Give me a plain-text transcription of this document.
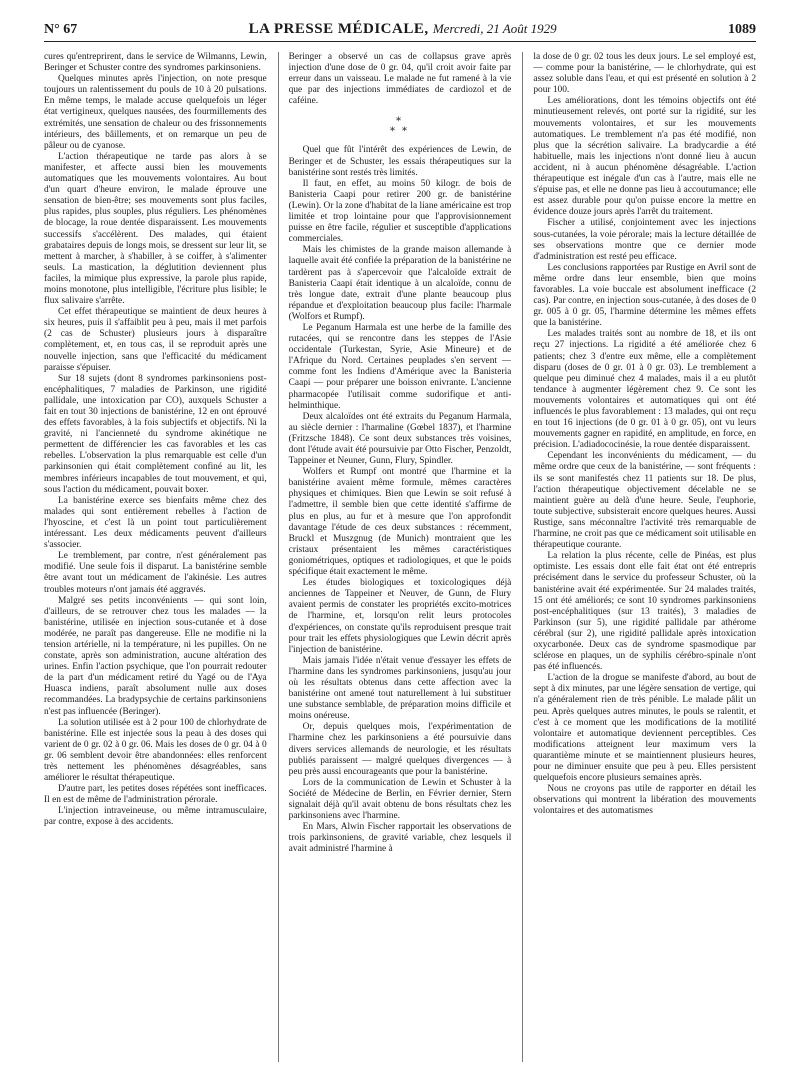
N° 67	LA PRESSE MÉDICALE, Mercredi, 21 Août 1929	1089

cures qu'entreprirent, dans le service de Wilmanns, Lewin, Beringer et Schuster contre des syndromes parkinsoniens.

Quelques minutes après l'injection, on note presque toujours un ralentissement du pouls de 10 à 20 pulsations. En même temps, le malade accuse quelquefois un léger état vertigineux, quelques nausées, des fourmillements des extrémités, une sensation de chaleur ou des frissonnements intérieurs, des bâillements, et on remarque un peu de pâleur ou de cyanose.

L'action thérapeutique ne tarde pas alors à se manifester, et affecte aussi bien les mouvements automatiques que les mouvements volontaires. Au bout d'un quart d'heure environ, le malade éprouve une sensation de bien-être; ses mouvements sont plus faciles, plus rapides, plus souples, plus réguliers. Les phénomènes de blocage, la roue dentée disparaissent. Les mouvements successifs s'accélèrent. Des malades, qui étaient grabataires depuis de longs mois, se dressent sur leur lit, se mettent à marcher, à s'habiller, à se coiffer, à s'alimenter seuls. La mastication, la déglutition deviennent plus faciles, la mimique plus expressive, la parole plus rapide, moins monotone, plus intelligible, l'écriture plus lisible; le flux salivaire s'arrête.

Cet effet thérapeutique se maintient de deux heures à six heures, puis il s'affaiblit peu à peu, mais il met parfois (2 cas de Schuster) plusieurs jours à disparaître complètement, et, en tous cas, il se reproduit après une nouvelle injection, sans que l'efficacité du médicament paraisse s'épuiser.

Sur 18 sujets (dont 8 syndromes parkinsoniens post-encéphalitiques, 7 maladies de Parkinson, une rigidité pallidale, une intoxication par CO), auxquels Schuster a fait en tout 30 injections de banistérine, 12 en ont éprouvé des effets favorables, à la fois subjectifs et objectifs. Ni la gravité, ni l'ancienneté du syndrome akinétique ne permettent de différencier les cas favorables et les cas rebelles. L'observation la plus remarquable est celle d'un parkinsonien qui était complètement confiné au lit, les membres inférieurs incapables de tout mouvement, et qui, sous l'action du médicament, pouvait boxer.

La banistérine exerce ses bienfaits même chez des malades qui sont entièrement rebelles à l'action de l'hyoscine, et c'est là un point tout particulièrement intéressant. Les deux médicaments peuvent d'ailleurs s'associer.

Le tremblement, par contre, n'est généralement pas modifié. Une seule fois il disparut. La banistérine semble être avant tout un médicament de l'akinésie. Les autres troubles moteurs n'ont jamais été aggravés.

Malgré ses petits inconvénients — qui sont loin, d'ailleurs, de se retrouver chez tous les malades — la banistérine, utilisée en injection sous-cutanée et à dose modérée, ne paraît pas dangereuse. Elle ne modifie ni la tension artérielle, ni la température, ni les pupilles. On ne constate, après son administration, aucune altération des urines. Enfin l'action psychique, que l'on pourrait redouter de la part d'un médicament retiré du Yagé ou de l'Aya Huasca indiens, paraît absolument nulle aux doses recommandées. La bradypsychie de certains parkinsoniens n'est pas influencée (Beringer).

La solution utilisée est à 2 pour 100 de chlorhydrate de banistérine. Elle est injectée sous la peau à des doses qui varient de 0 gr. 02 à 0 gr. 06. Mais les doses de 0 gr. 04 à 0 gr. 06 semblent devoir être abandonnées: elles renforcent très nettement les phénomènes désagréables, sans améliorer le résultat thérapeutique.

D'autre part, les petites doses répétées sont inefficaces. Il en est de même de l'administration pérorale.

L'injection intraveineuse, ou même intramusculaire, par contre, expose à des accidents.

Beringer a observé un cas de collapsus grave après injection d'une dose de 0 gr. 04, qu'il croit avoir faite par erreur dans un vaisseau. Le malade ne fut ramené à la vie que par des injections immédiates de cardiozol et de caféine.

*
* *

Quel que fût l'intérêt des expériences de Lewin, de Beringer et de Schuster, les essais thérapeutiques sur la banistérine sont restés très limités.

Il faut, en effet, au moins 50 kilogr. de bois de Banisteria Caapi pour retirer 200 gr. de banistérine (Lewin). Or la zone d'habitat de la liane américaine est trop limitée et trop lointaine pour que l'approvisionnement puisse en être facile, régulier et susceptible d'applications commerciales.

Mais les chimistes de la grande maison allemande à laquelle avait été confiée la préparation de la banistérine ne tardèrent pas à s'apercevoir que l'alcaloïde extrait de Banisteria Caapi était identique à un alcaloïde, connu de très longue date, extrait d'une plante beaucoup plus répandue et d'exploitation beaucoup plus facile: l'harmale (Wolfors et Rumpf).

Le Peganum Harmala est une herbe de la famille des rutacées, qui se rencontre dans les steppes de l'Asie occidentale (Turkestan, Syrie, Asie Mineure) et de l'Afrique du Nord. Certaines peuplades s'en servent — comme font les Indiens d'Amérique avec la Banisteria Caapi — pour préparer une boisson enivrante. L'ancienne pharmacopée l'utilisait comme sudorifique et anti-helminthique.

Deux alcaloïdes ont été extraits du Peganum Harmala, au siècle dernier : l'harmaline (Gœbel 1837), et l'harmine (Fritzsche 1848). Ce sont deux substances très voisines, dont l'étude avait été poursuivie par Otto Fischer, Penzoldt, Tappeiner et Neuner, Gunn, Flury, Spindler.

Wolfers et Rumpf ont montré que l'harmine et la banistérine avaient même formule, mêmes caractères physiques et chimiques. Bien que Lewin se soit refusé à l'admettre, il semble bien que cette identité s'affirme de plus en plus, au fur et à mesure que l'on approfondit davantage l'étude de ces deux substances : récemment, Bruckl et Muszgnug (de Munich) montraient que les cristaux présentaient les mêmes caractéristiques goniométriques, optiques et radiologiques, et que le poids spécifique était exactement le même.

Les études biologiques et toxicologiques déjà anciennes de Tappeiner et Neuver, de Gunn, de Flury avaient permis de constater les propriétés excito-motrices de l'harmine, et, lorsqu'on relit leurs protocoles d'expériences, on constate qu'ils reproduisent presque trait pour trait les effets physiologiques que Lewin décrit après l'injection de banistérine.

Mais jamais l'idée n'était venue d'essayer les effets de l'harmine dans les syndromes parkinsoniens, jusqu'au jour où les résultats obtenus dans cette affection avec la banistérine ont amené tout naturellement à lui substituer une substance semblable, de préparation moins difficile et moins onéreuse.

Or, depuis quelques mois, l'expérimentation de l'harmine chez les parkinsoniens a été poursuivie dans divers services allemands de neurologie, et les résultats publiés paraissent — malgré quelques divergences — à peu près aussi encourageants que pour la banistérine.

Lors de la communication de Lewin et Schuster à la Société de Médecine de Berlin, en Février dernier, Stern signalait déjà qu'il avait obtenu de bons résultats chez les parkinsoniens avec l'harmine.

En Mars, Alwin Fischer rapportait les observations de trois parkinsoniens, de gravité variable, chez lesquels il avait administré l'harmine à

la dose de 0 gr. 02 tous les deux jours. Le sel employé est, — comme pour la banistérine, — le chlorhydrate, qui est assez soluble dans l'eau, et qui est présenté en solution à 2 pour 100.

Les améliorations, dont les témoins objectifs ont été minutieusement relevés, ont porté sur la rigidité, sur les mouvements volontaires, et sur les mouvements automatiques. Le tremblement n'a pas été modifié, non plus que la sécrétion salivaire. La bradycardie a été habituelle, mais les injections n'ont donné lieu à aucun accident, ni à aucun phénomène désagréable. L'action thérapeutique est inégale d'un cas à l'autre, mais elle ne s'épuise pas, et elle ne donne pas lieu à accoutumance; elle est assez durable pour qu'on puisse encore la mettre en évidence douze jours après l'arrêt du traitement.

Fischer a utilisé, conjointement avec les injections sous-cutanées, la voie pérorale; mais la lecture détaillée de ses observations montre que ce dernier mode d'administration est resté peu efficace.

Les conclusions rapportées par Rustige en Avril sont de même ordre dans leur ensemble, bien que moins favorables. La voie buccale est absolument inefficace (2 cas). Par contre, en injection sous-cutanée, à des doses de 0 gr. 005 à 0 gr. 05, l'harmine détermine les mêmes effets que la banistérine.

Les malades traités sont au nombre de 18, et ils ont reçu 27 injections. La rigidité a été améliorée chez 6 patients; chez 3 d'entre eux même, elle a complètement disparu (doses de 0 gr. 01 à 0 gr. 03). Le tremblement a quelque peu diminué chez 4 malades, mais il a eu plutôt tendance à augmenter légèrement chez 9. Ce sont les mouvements volontaires et automatiques qui ont été influencés le plus favorablement : 13 malades, qui ont reçu en tout 16 injections (de 0 gr. 01 à 0 gr. 05), ont vu leurs mouvements gagner en rapidité, en amplitude, en force, en précision. L'adiadococinésie, la roue dentée disparaissent.

Cependant les inconvénients du médicament, — du même ordre que ceux de la banistérine, — sont fréquents : ils se sont manifestés chez 11 patients sur 18. De plus, l'action thérapeutique objectivement décelable ne se maintient guère au delà d'une heure. Seule, l'euphorie, toute subjective, subsisterait encore quelques heures. Aussi Rustige, sans méconnaître l'activité très remarquable de l'harmine, ne croit pas que ce médicament soit utilisable en thérapeutique courante.

La relation la plus récente, celle de Pinéas, est plus optimiste. Les essais dont elle fait état ont été entrepris précisément dans le service du professeur Schuster, où la banistérine avait été expérimentée. Sur 24 malades traités, 15 ont été améliorés; ce sont 10 syndromes parkinsoniens post-encéphalitiques (sur 13 traités), 3 maladies de Parkinson (sur 5), une rigidité pallidale par athérome cérébral (sur 2), une rigidité pallidale après intoxication oxycarbonée. Deux cas de syndrome spasmodique par sclérose en plaques, un de syphilis cérébro-spinale n'ont pas été influencés.

L'action de la drogue se manifeste d'abord, au bout de sept à dix minutes, par une légère sensation de vertige, qui n'a généralement rien de très pénible. Le malade pâlit un peu. Après quelques autres minutes, le pouls se ralentit, et c'est à ce moment que les modifications de la motilité volontaire et automatique deviennent perceptibles. Ces modifications atteignent leur maximum vers la quarantième minute et se maintiennent plusieurs heures, pour ne diminuer ensuite que peu à peu. Elles persistent quelquefois encore plusieurs semaines après.

Nous ne croyons pas utile de rapporter en détail les observations qui montrent la libération des mouvements volontaires et des automatismes
